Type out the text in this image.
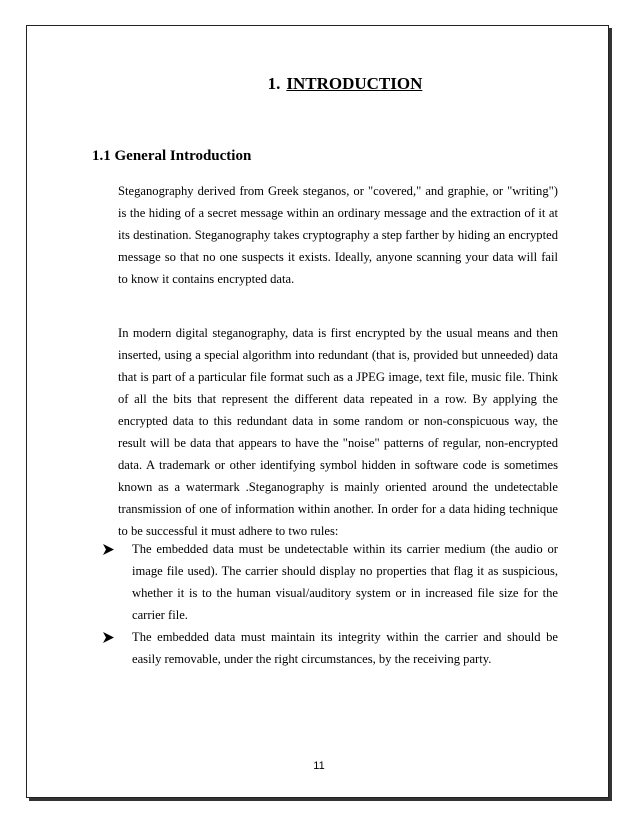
1. INTRODUCTION
1.1 General Introduction
Steganography derived from Greek steganos, or "covered," and graphie, or "writing") is the hiding of a secret message within an ordinary message and the extraction of it at its destination. Steganography takes cryptography a step farther by hiding an encrypted message so that no one suspects it exists. Ideally, anyone scanning your data will fail to know it contains encrypted data.
In modern digital steganography, data is first encrypted by the usual means and then inserted, using a special algorithm into redundant (that is, provided but unneeded) data that is part of a particular file format such as a JPEG image, text file, music file. Think of all the bits that represent the different data repeated in a row. By applying the encrypted data to this redundant data in some random or non-conspicuous way, the result will be data that appears to have the "noise" patterns of regular, non-encrypted data. A trademark or other identifying symbol hidden in software code is sometimes known as a watermark .Steganography is mainly oriented around the undetectable transmission of one of information within another. In order for a data hiding technique to be successful it must adhere to two rules:
The embedded data must be undetectable within its carrier medium (the audio or image file used). The carrier should display no properties that flag it as suspicious, whether it is to the human visual/auditory system or in increased file size for the carrier file.
The embedded data must maintain its integrity within the carrier and should be easily removable, under the right circumstances, by the receiving party.
11
